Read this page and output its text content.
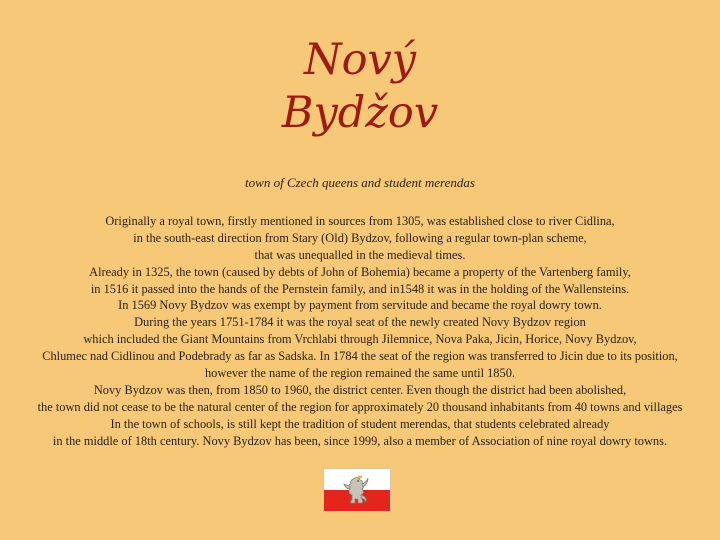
Nový
Bydžov
town of Czech queens and student merendas
Originally a royal town, firstly mentioned in sources from 1305, was established close to river Cidlina,
in the south-east direction from Stary (Old) Bydzov, following a regular town-plan scheme,
that was unequalled in the medieval times.
Already in 1325, the town (caused by debts of John of Bohemia) became a property of the Vartenberg family,
in 1516 it passed into the hands of the Pernstein family, and in1548 it was in the holding of the Wallensteins.
In 1569 Novy Bydzov was exempt by payment from servitude and became the royal dowry town.
During the years 1751-1784 it was the royal seat of the newly created Novy Bydzov region
which included the Giant Mountains from Vrchlabi through Jilemnice, Nova Paka, Jicin, Horice, Novy Bydzov,
Chlumec nad Cidlinou and Podebrady as far as Sadska. In 1784 the seat of the region was transferred to Jicin due to its position,
however the name of the region remained the same until 1850.
Novy Bydzov was then, from 1850 to 1960, the district center. Even though the district had been abolished,
the town did not cease to be the natural center of the region for approximately 20 thousand inhabitants from 40 towns and villages
In the town of schools, is still kept the tradition of student merendas, that students celebrated already
in the middle of 18th century. Novy Bydzov has been, since 1999, also a member of Association of nine royal dowry towns.
